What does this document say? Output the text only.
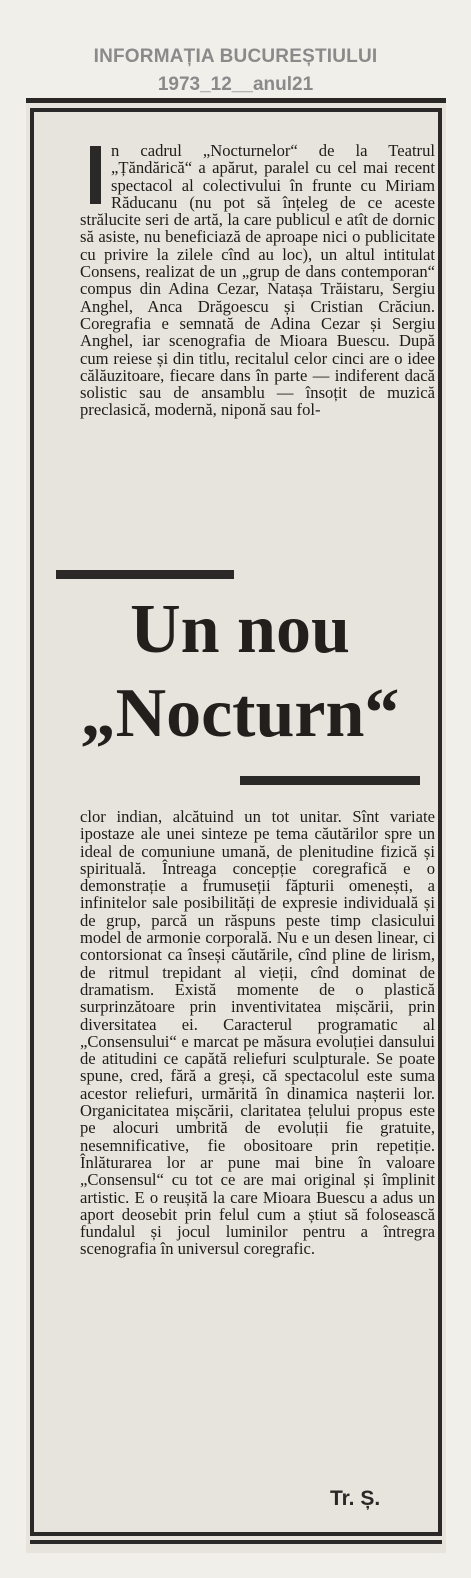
INFORMAȚIA BUCUREȘTIULUI
1973_12__anul21

n cadrul „Nocturnelor“ de la Teatrul „Țăndărică“ a apărut, paralel cu cel mai recent spectacol al colectivului în frunte cu Miriam Răducanu (nu pot să înțeleg de ce aceste strălucite seri de artă, la care publicul e atît de dornic să asiste, nu beneficiază de aproape nici o publicitate cu privire la zilele cînd au loc), un altul intitulat Consens, realizat de un „grup de dans contemporan“ compus din Adina Cezar, Natașa Trăistaru, Sergiu Anghel, Anca Drăgoescu și Cristian Crăciun. Coregrafia e semnată de Adina Cezar și Sergiu Anghel, iar scenografia de Mioara Buescu. După cum reiese și din titlu, recitalul celor cinci are o idee călăuzitoare, fiecare dans în parte — indiferent dacă solistic sau de ansamblu — însoțit de muzică preclasică, modernă, niponă sau fol-

Un nou
„Nocturn“

clor indian, alcătuind un tot unitar. Sînt variate ipostaze ale unei sinteze pe tema căutărilor spre un ideal de comuniune umană, de plenitudine fizică și spirituală. Întreaga concepție coregrafică e o demonstrație a frumuseții făpturii omenești, a infinitelor sale posibilități de expresie individuală și de grup, parcă un răspuns peste timp clasicului model de armonie corporală. Nu e un desen linear, ci contorsionat ca înseși căutările, cînd pline de lirism, de ritmul trepidant al vieții, cînd dominat de dramatism. Există momente de o plastică surprinzătoare prin inventivitatea mișcării, prin diversitatea ei. Caracterul programatic al „Consensului“ e marcat pe măsura evoluției dansului de atitudini ce capătă reliefuri sculpturale. Se poate spune, cred, fără a greși, că spectacolul este suma acestor reliefuri, urmărită în dinamica nașterii lor. Organicitatea mișcării, claritatea țelului propus este pe alocuri umbrită de evoluții fie gratuite, nesemnificative, fie obositoare prin repetiție. Înlăturarea lor ar pune mai bine în valoare „Consensul“ cu tot ce are mai original și împlinit artistic. E o reușită la care Mioara Buescu a adus un aport deosebit prin felul cum a știut să folosească fundalul și jocul luminilor pentru a întregra scenografia în universul coregrafic.

Tr. Ș.
